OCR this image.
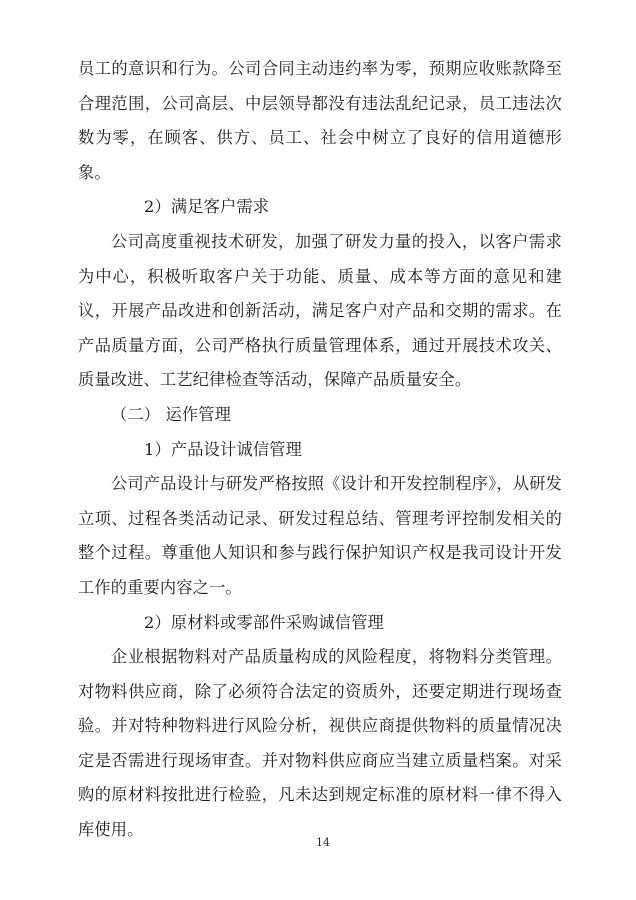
员工的意识和行为。公司合同主动违约率为零，预期应收账款降至合理范围，公司高层、中层领导都没有违法乱纪记录，员工违法次数为零，在顾客、供方、员工、社会中树立了良好的信用道德形象。

2）满足客户需求

公司高度重视技术研发，加强了研发力量的投入，以客户需求为中心，积极听取客户关于功能、质量、成本等方面的意见和建议，开展产品改进和创新活动，满足客户对产品和交期的需求。在产品质量方面，公司严格执行质量管理体系，通过开展技术攻关、质量改进、工艺纪律检查等活动，保障产品质量安全。

（二） 运作管理

1）产品设计诚信管理

公司产品设计与研发严格按照《设计和开发控制程序》，从研发立项、过程各类活动记录、研发过程总结、管理考评控制发相关的整个过程。尊重他人知识和参与践行保护知识产权是我司设计开发工作的重要内容之一。

2）原材料或零部件采购诚信管理

企业根据物料对产品质量构成的风险程度，将物料分类管理。对物料供应商，除了必须符合法定的资质外，还要定期进行现场查验。并对特种物料进行风险分析，视供应商提供物料的质量情况决定是否需进行现场审查。并对物料供应商应当建立质量档案。对采购的原材料按批进行检验，凡未达到规定标准的原材料一律不得入库使用。

14
